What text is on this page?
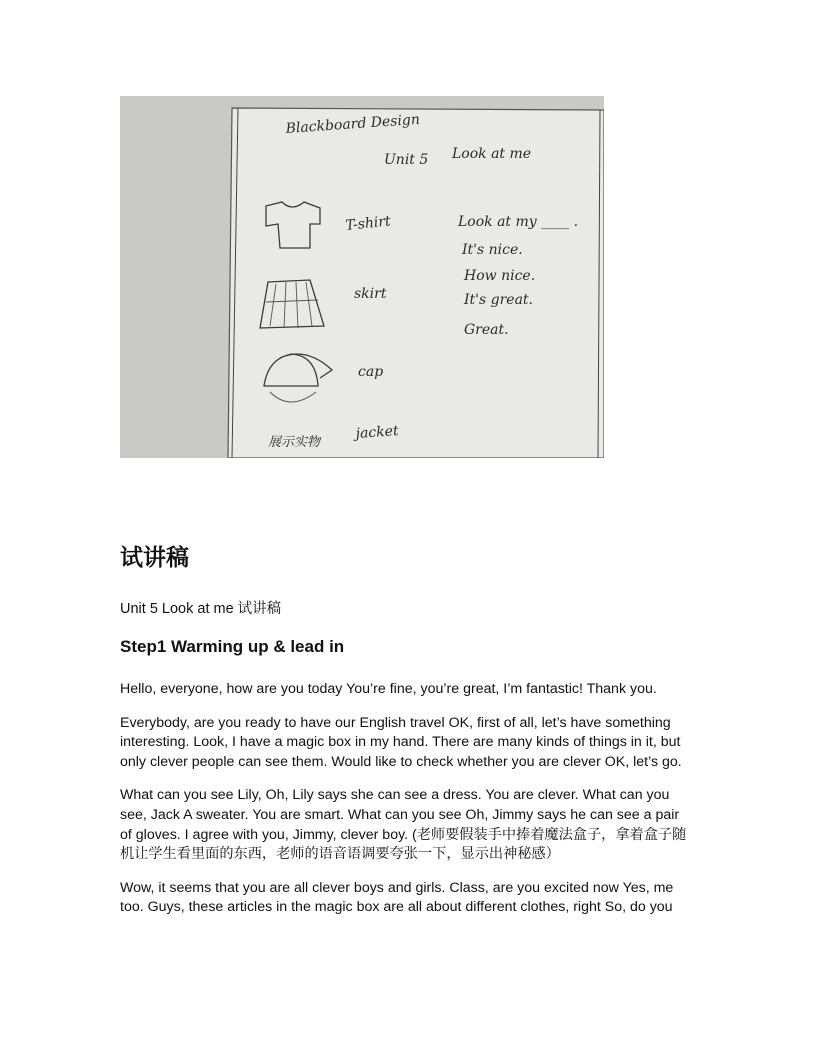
Blackboard Design
Unit 5 Look at me
T-shirt
skirt
cap
jacket
Look at my ____ .
It's nice.
How nice.
It's great.
Great.
展示实物
试讲稿

Unit 5 Look at me 试讲稿

Step1 Warming up & lead in

Hello, everyone, how are you today You’re fine, you’re great, I’m fantastic! Thank you.

Everybody, are you ready to have our English travel OK, first of all, let’s have something interesting. Look, I have a magic box in my hand. There are many kinds of things in it, but only clever people can see them. Would like to check whether you are clever OK, let’s go.

What can you see Lily, Oh, Lily says she can see a dress. You are clever. What can you see, Jack A sweater. You are smart. What can you see Oh, Jimmy says he can see a pair of gloves. I agree with you, Jimmy, clever boy. (老师要假装手中捧着魔法盒子，拿着盒子随机让学生看里面的东西，老师的语音语调要夸张一下，显示出神秘感）

Wow, it seems that you are all clever boys and girls. Class, are you excited now Yes, me too. Guys, these articles in the magic box are all about different clothes, right So, do you
